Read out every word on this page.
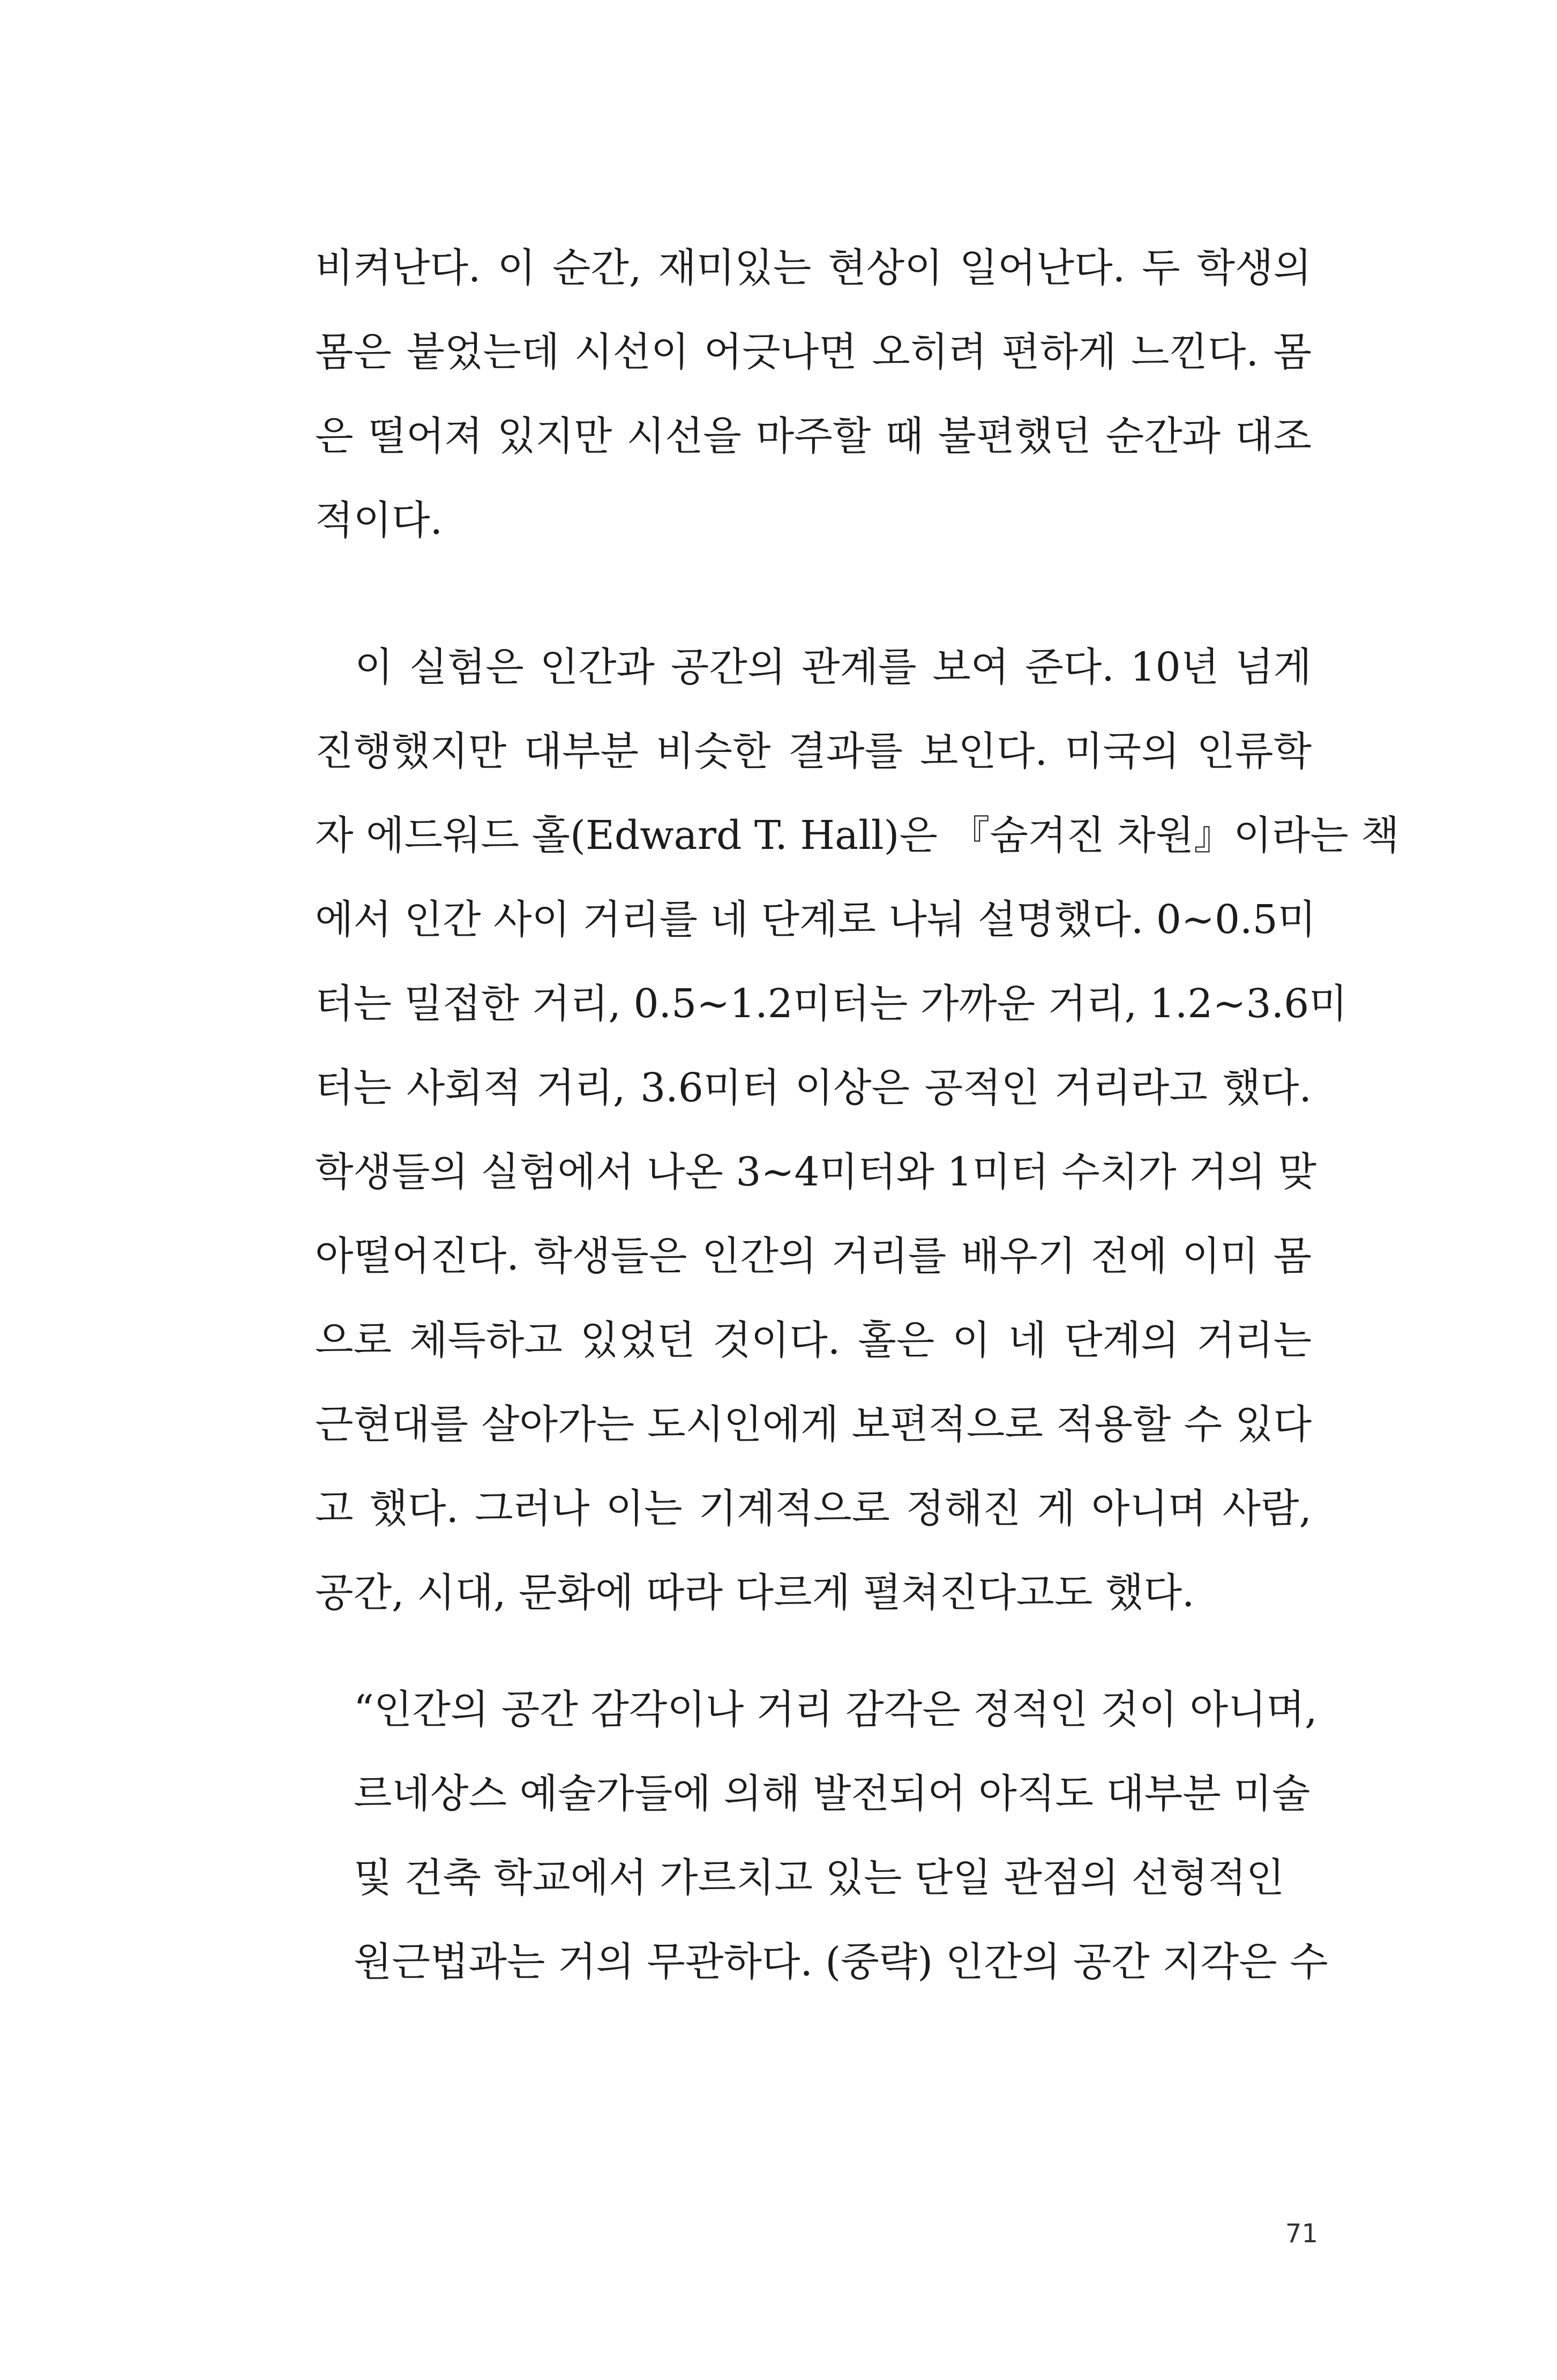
비켜난다. 이 순간, 재미있는 현상이 일어난다. 두 학생의
몸은 붙었는데 시선이 어긋나면 오히려 편하게 느낀다. 몸
은 떨어져 있지만 시선을 마주할 때 불편했던 순간과 대조
적이다.
이 실험은 인간과 공간의 관계를 보여 준다. 10년 넘게
진행했지만 대부분 비슷한 결과를 보인다. 미국의 인류학
자 에드워드 홀(Edward T. Hall)은 『숨겨진 차원』이라는 책
에서 인간 사이 거리를 네 단계로 나눠 설명했다. 0~0.5미
터는 밀접한 거리, 0.5~1.2미터는 가까운 거리, 1.2~3.6미
터는 사회적 거리, 3.6미터 이상은 공적인 거리라고 했다.
학생들의 실험에서 나온 3~4미터와 1미터 수치가 거의 맞
아떨어진다. 학생들은 인간의 거리를 배우기 전에 이미 몸
으로 체득하고 있었던 것이다. 홀은 이 네 단계의 거리는
근현대를 살아가는 도시인에게 보편적으로 적용할 수 있다
고 했다. 그러나 이는 기계적으로 정해진 게 아니며 사람,
공간, 시대, 문화에 따라 다르게 펼쳐진다고도 했다.
“인간의 공간 감각이나 거리 감각은 정적인 것이 아니며,
르네상스 예술가들에 의해 발전되어 아직도 대부분 미술
및 건축 학교에서 가르치고 있는 단일 관점의 선형적인
원근법과는 거의 무관하다. (중략) 인간의 공간 지각은 수
71
